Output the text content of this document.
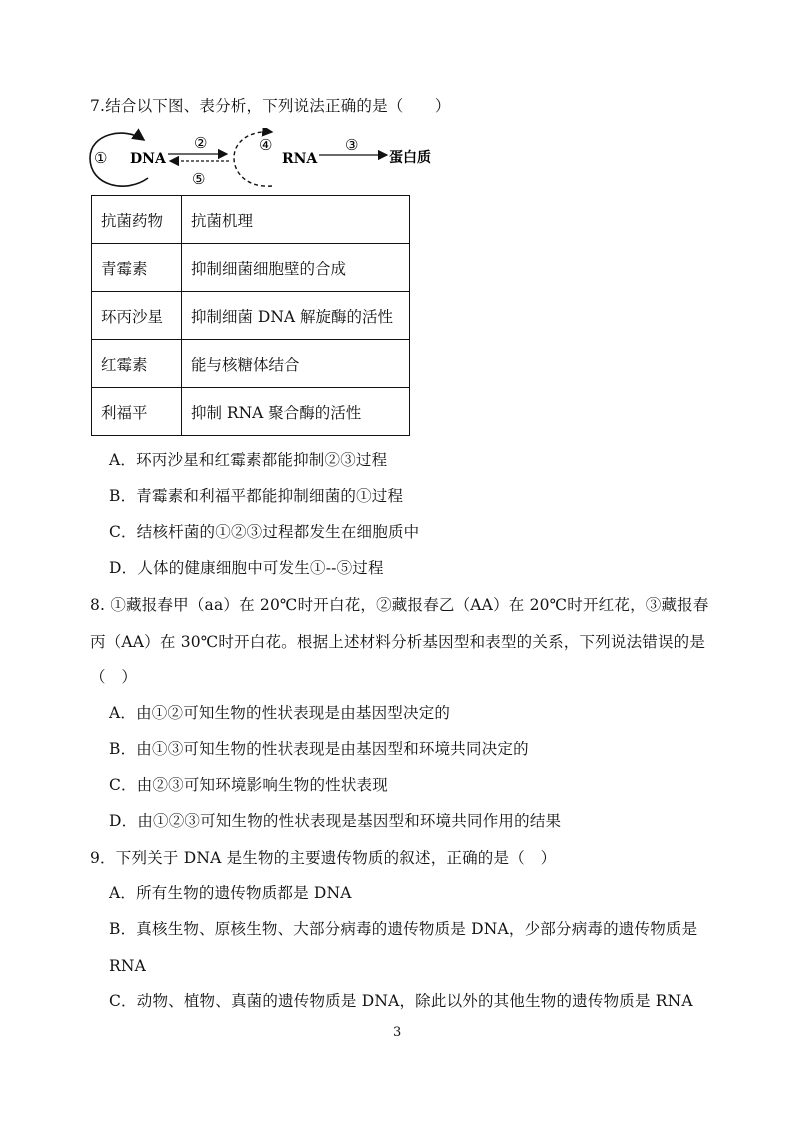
7.结合以下图、表分析，下列说法正确的是（　　）
① DNA
②
⑤
④
RNA
③
蛋白质
抗菌药物	抗菌机理
青霉素	抑制细菌细胞壁的合成
环丙沙星	抑制细菌 DNA 解旋酶的活性
红霉素	能与核糖体结合
利福平	抑制 RNA 聚合酶的活性
A．环丙沙星和红霉素都能抑制②③过程
B．青霉素和利福平都能抑制细菌的①过程
C．结核杆菌的①②③过程都发生在细胞质中
D．人体的健康细胞中可发生①--⑤过程
8. ①藏报春甲（aa）在 20℃时开白花，②藏报春乙（AA）在 20℃时开红花，③藏报春
丙（AA）在 30℃时开白花。根据上述材料分析基因型和表型的关系，下列说法错误的是
（　）
A．由①②可知生物的性状表现是由基因型决定的
B．由①③可知生物的性状表现是由基因型和环境共同决定的
C．由②③可知环境影响生物的性状表现
D．由①②③可知生物的性状表现是基因型和环境共同作用的结果
9．下列关于 DNA 是生物的主要遗传物质的叙述，正确的是（　）
A．所有生物的遗传物质都是 DNA
B．真核生物、原核生物、大部分病毒的遗传物质是 DNA，少部分病毒的遗传物质是
RNA
C．动物、植物、真菌的遗传物质是 DNA，除此以外的其他生物的遗传物质是 RNA
3
